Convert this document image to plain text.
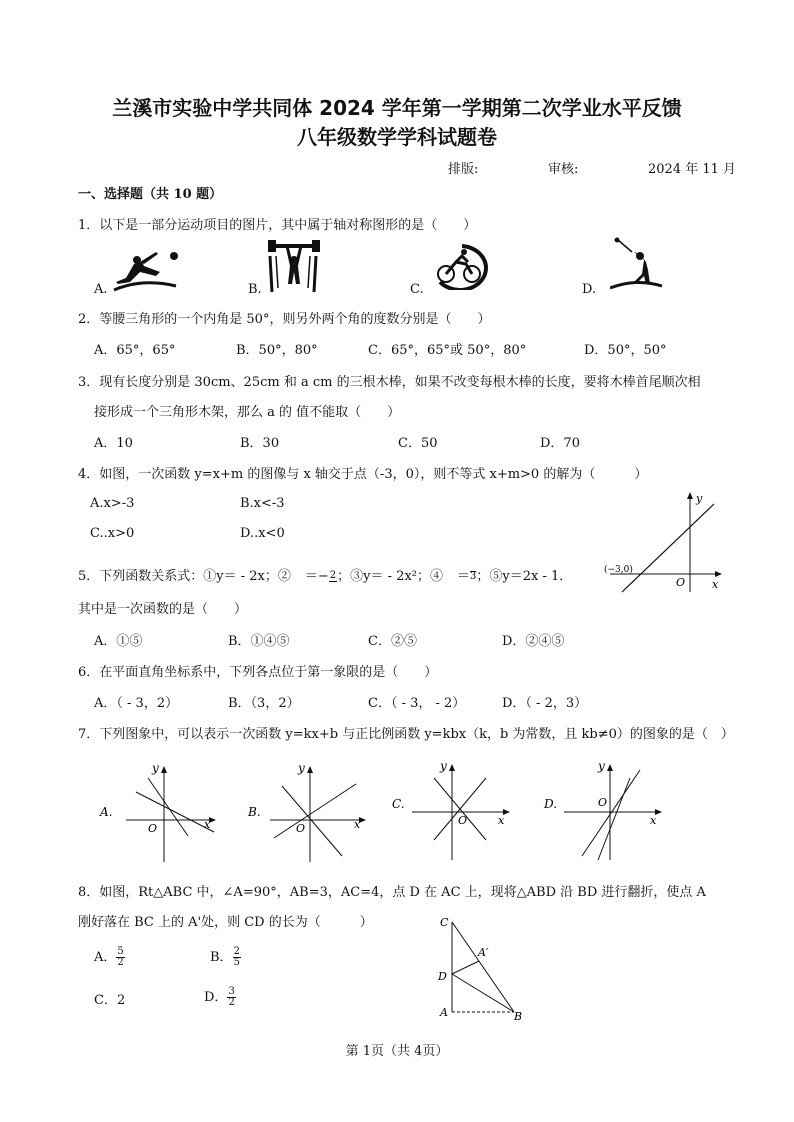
兰溪市实验中学共同体 2024 学年第一学期第二次学业水平反馈
八年级数学学科试题卷
排版:	审核:	2024 年 11 月
一、选择题（共 10 题）
1．以下是一部分运动项目的图片，其中属于轴对称图形的是（　　）
A.	B.	C.	D.
2．等腰三角形的一个内角是 50°，则另外两个角的度数分别是（　　）
A．65°，65°	B．50°，80°	C．65°，65°或 50°，80°	D．50°，50°
3．现有长度分别是 30cm、25cm 和 a cm 的三根木棒，如果不改变每根木棒的长度，要将木棒首尾顺次相
接形成一个三角形木架，那么 a 的 值不能取（　　）
A．10	B．30	C．50	D．70
4．如图，一次函数 y=x+m 的图像与 x 轴交于点（-3，0），则不等式 x+m>0 的解为（　　　）
A.x>-3	B.x<-3
C..x>0	D..x<0
y
x
O
(−3,0)
5．下列函数关系式：①y＝ - 2x；② ＝− 2 ；③y＝ - 2x²；④ ＝ 3 ；⑤y＝2x - 1．
其中是一次函数的是（　　）
A．①⑤	B．①④⑤	C．②⑤	D．②④⑤
6．在平面直角坐标系中，下列各点位于第一象限的是（　　）
A．（ - 3，2）	B．（3，2）	C．（ - 3， - 2）	D．（ - 2，3）
7．下列图象中，可以表示一次函数 y=kx+b 与正比例函数 y=kbx（k，b 为常数，且 kb≠0）的图象的是（　）
A.
y
x
O
B.
y
x
O
C.
y
x
O
D.
y
x
O
8．如图，Rt△ABC 中，∠A=90°，AB=3，AC=4，点 D 在 AC 上，现将△ABD 沿 BD 进行翻折，使点 A
刚好落在 BC 上的 A'处，则 CD 的长为（　　　）
A． $\frac{5}{2}$	B． $\frac{2}{5}$
C．2	D． $\frac{3}{2}$
C
A′
D
A	B
第 1页（共 4页）
